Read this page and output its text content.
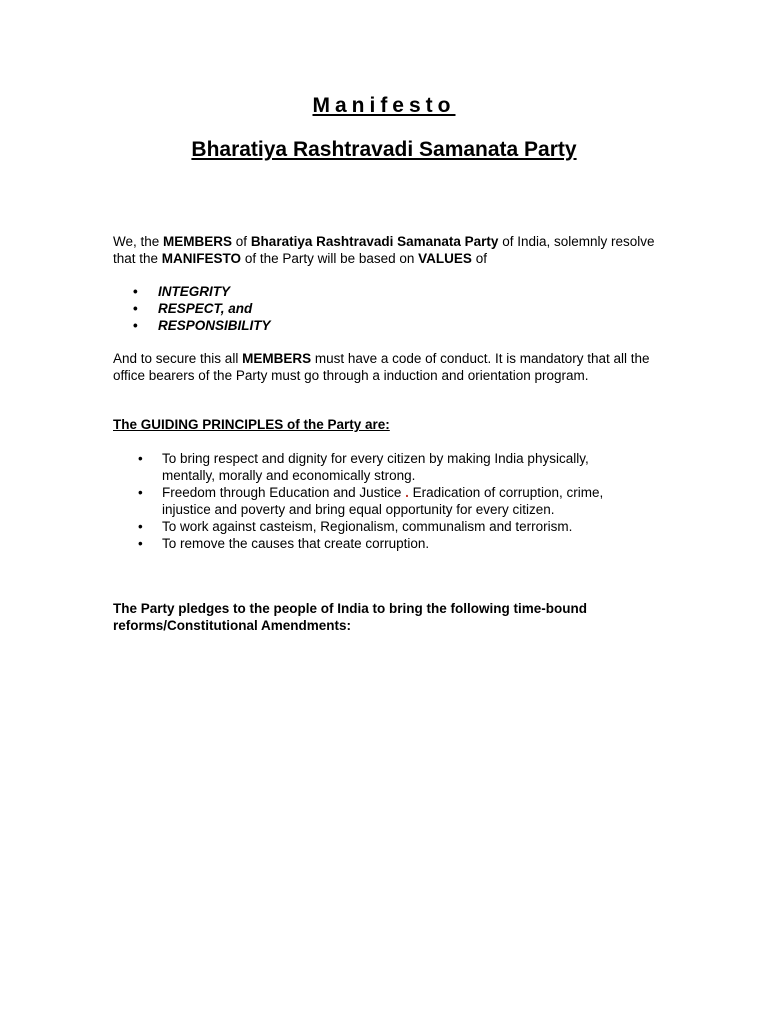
Manifesto
Bharatiya Rashtravadi Samanata Party
We, the MEMBERS of Bharatiya Rashtravadi Samanata Party of India, solemnly resolve that the MANIFESTO of the Party will be based on VALUES of
• INTEGRITY
• RESPECT, and
• RESPONSIBILITY
And to secure this all MEMBERS must have a code of conduct. It is mandatory that all the office bearers of the Party must go through a induction and orientation program.
The GUIDING PRINCIPLES of the Party are:
• To bring respect and dignity for every citizen by making India physically, mentally, morally and economically strong.
• Freedom through Education and Justice . Eradication of corruption, crime, injustice and poverty and bring equal opportunity for every citizen.
• To work against casteism, Regionalism, communalism and terrorism.
• To remove the causes that create corruption.
The Party pledges to the people of India to bring the following time-bound reforms/Constitutional Amendments:
